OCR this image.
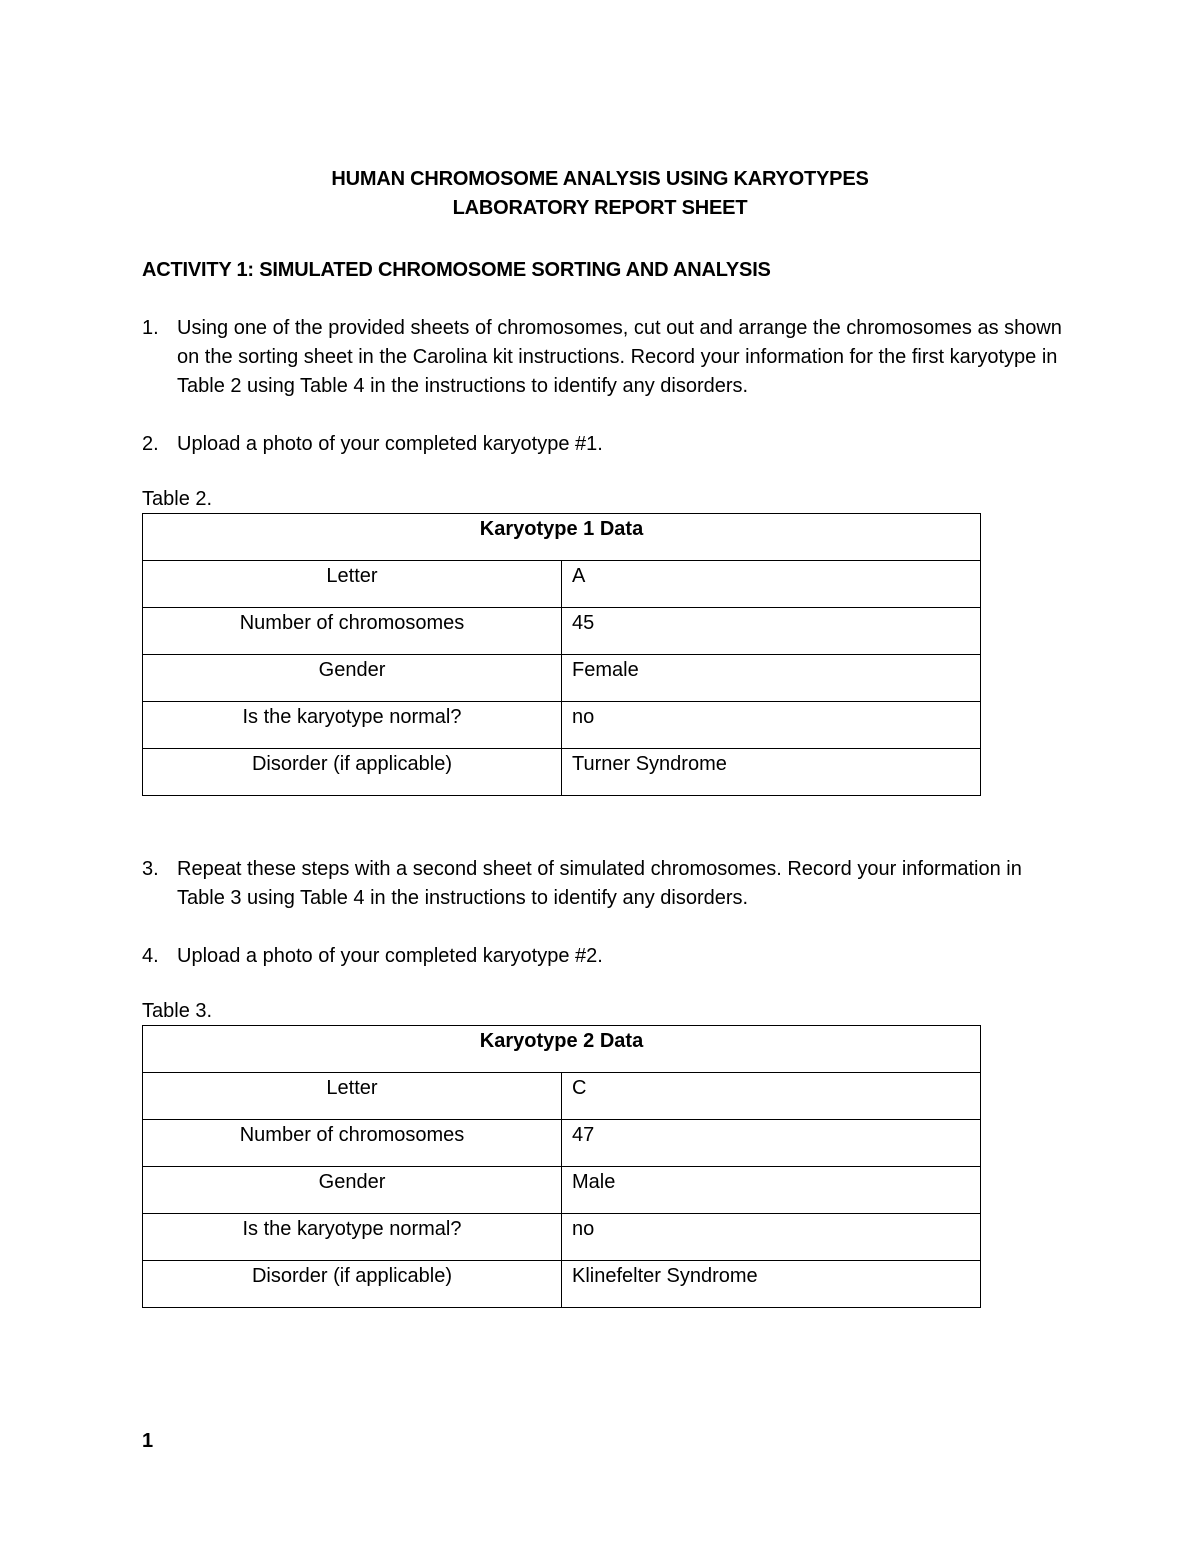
HUMAN CHROMOSOME ANALYSIS USING KARYOTYPES
LABORATORY REPORT SHEET
ACTIVITY 1: SIMULATED CHROMOSOME SORTING AND ANALYSIS
1. Using one of the provided sheets of chromosomes, cut out and arrange the chromosomes as shown on the sorting sheet in the Carolina kit instructions. Record your information for the first karyotype in Table 2 using Table 4 in the instructions to identify any disorders.
2. Upload a photo of your completed karyotype #1.
Table 2.
Karyotype 1 Data	
Letter	A
Number of chromosomes	45
Gender	Female
Is the karyotype normal?	no
Disorder (if applicable)	Turner Syndrome
3. Repeat these steps with a second sheet of simulated chromosomes. Record your information in Table 3 using Table 4 in the instructions to identify any disorders.
4. Upload a photo of your completed karyotype #2.
Table 3.
Karyotype 2 Data	
Letter	C
Number of chromosomes	47
Gender	Male
Is the karyotype normal?	no
Disorder (if applicable)	Klinefelter Syndrome
1
